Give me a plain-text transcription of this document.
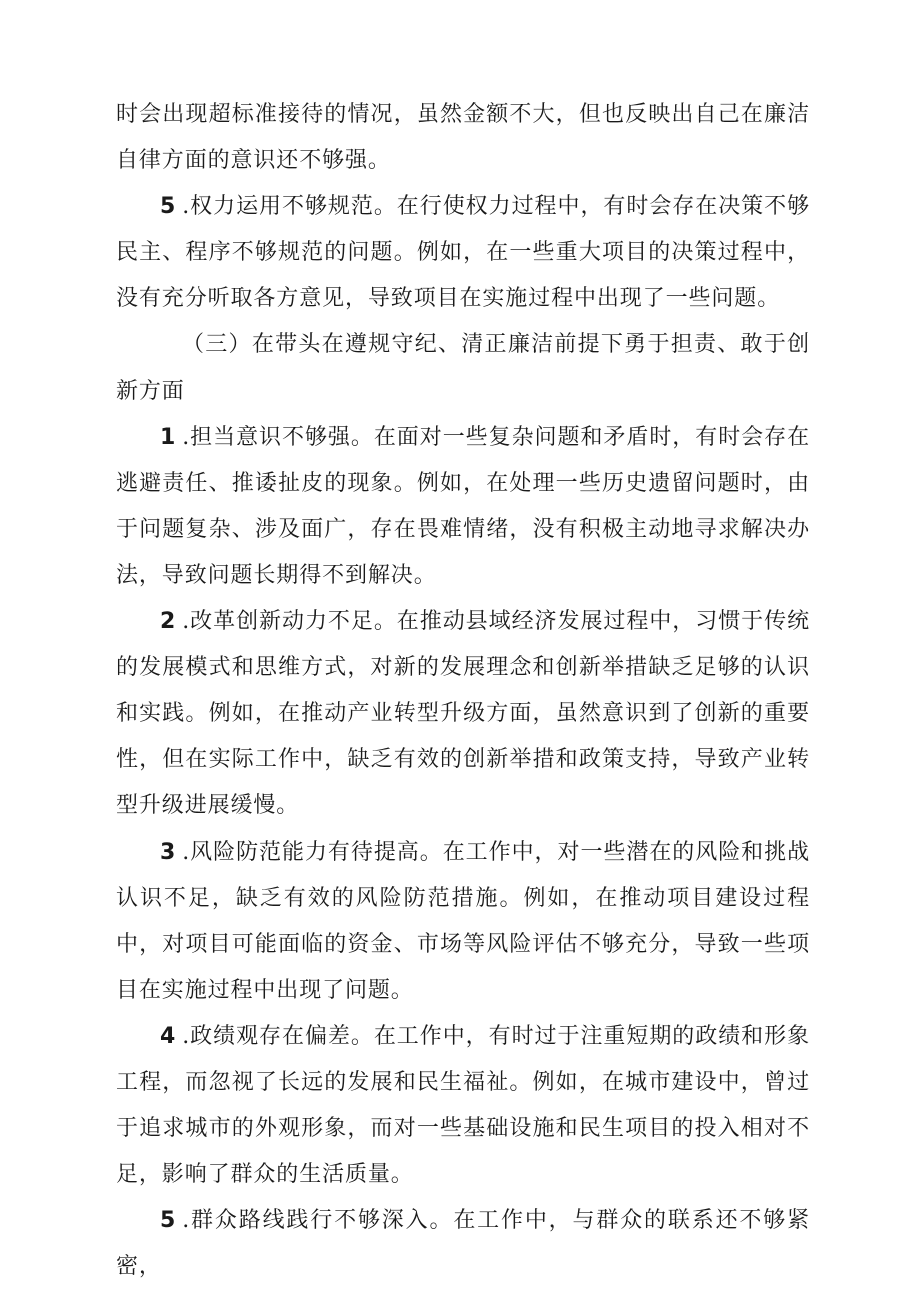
时会出现超标准接待的情况，虽然金额不大，但也反映出自己在廉洁自律方面的意识还不够强。

5 .权力运用不够规范。在行使权力过程中，有时会存在决策不够民主、程序不够规范的问题。例如，在一些重大项目的决策过程中，没有充分听取各方意见，导致项目在实施过程中出现了一些问题。

（三）在带头在遵规守纪、清正廉洁前提下勇于担责、敢于创新方面

1 .担当意识不够强。在面对一些复杂问题和矛盾时，有时会存在逃避责任、推诿扯皮的现象。例如，在处理一些历史遗留问题时，由于问题复杂、涉及面广，存在畏难情绪，没有积极主动地寻求解决办法，导致问题长期得不到解决。

2 .改革创新动力不足。在推动县域经济发展过程中，习惯于传统的发展模式和思维方式，对新的发展理念和创新举措缺乏足够的认识和实践。例如，在推动产业转型升级方面，虽然意识到了创新的重要性，但在实际工作中，缺乏有效的创新举措和政策支持，导致产业转型升级进展缓慢。

3 .风险防范能力有待提高。在工作中，对一些潜在的风险和挑战认识不足，缺乏有效的风险防范措施。例如，在推动项目建设过程中，对项目可能面临的资金、市场等风险评估不够充分，导致一些项目在实施过程中出现了问题。

4 .政绩观存在偏差。在工作中，有时过于注重短期的政绩和形象工程，而忽视了长远的发展和民生福祉。例如，在城市建设中，曾过于追求城市的外观形象，而对一些基础设施和民生项目的投入相对不足，影响了群众的生活质量。

5 .群众路线践行不够深入。在工作中，与群众的联系还不够紧密，
